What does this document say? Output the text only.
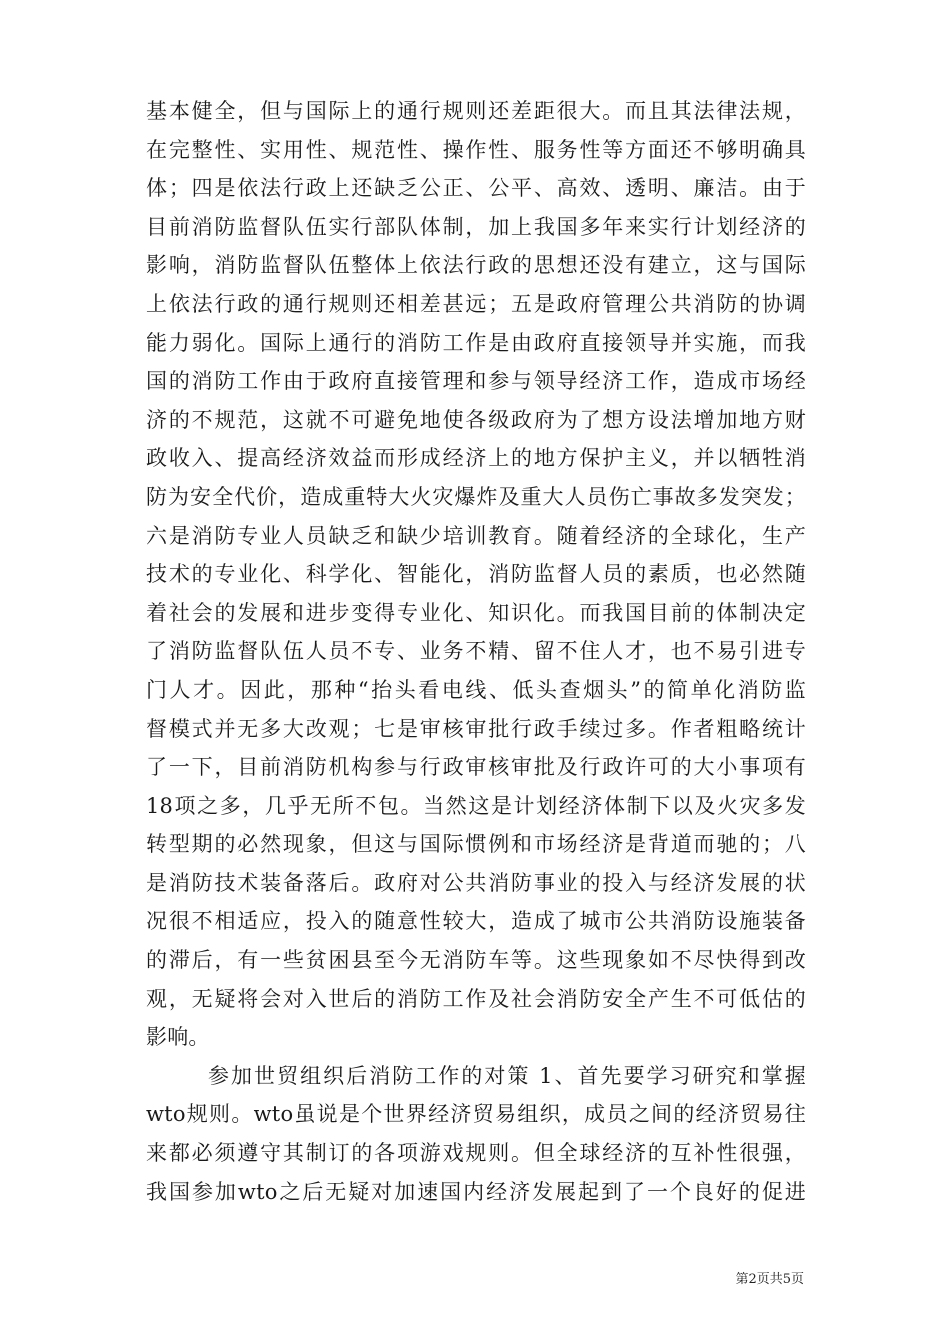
基本健全，但与国际上的通行规则还差距很大。而且其法律法规，
在完整性、实用性、规范性、操作性、服务性等方面还不够明确具
体；四是依法行政上还缺乏公正、公平、高效、透明、廉洁。由于
目前消防监督队伍实行部队体制，加上我国多年来实行计划经济的
影响，消防监督队伍整体上依法行政的思想还没有建立，这与国际
上依法行政的通行规则还相差甚远；五是政府管理公共消防的协调
能力弱化。国际上通行的消防工作是由政府直接领导并实施，而我
国的消防工作由于政府直接管理和参与领导经济工作，造成市场经
济的不规范，这就不可避免地使各级政府为了想方设法增加地方财
政收入、提高经济效益而形成经济上的地方保护主义，并以牺牲消
防为安全代价，造成重特大火灾爆炸及重大人员伤亡事故多发突发；
六是消防专业人员缺乏和缺少培训教育。随着经济的全球化，生产
技术的专业化、科学化、智能化，消防监督人员的素质，也必然随
着社会的发展和进步变得专业化、知识化。而我国目前的体制决定
了消防监督队伍人员不专、业务不精、留不住人才，也不易引进专
门人才。因此，那种“抬头看电线、低头查烟头”的简单化消防监
督模式并无多大改观；七是审核审批行政手续过多。作者粗略统计
了一下，目前消防机构参与行政审核审批及行政许可的大小事项有
18项之多，几乎无所不包。当然这是计划经济体制下以及火灾多发
转型期的必然现象，但这与国际惯例和市场经济是背道而驰的；八
是消防技术装备落后。政府对公共消防事业的投入与经济发展的状
况很不相适应，投入的随意性较大，造成了城市公共消防设施装备
的滞后，有一些贫困县至今无消防车等。这些现象如不尽快得到改
观，无疑将会对入世后的消防工作及社会消防安全产生不可低估的
影响。
参加世贸组织后消防工作的对策 1、首先要学习研究和掌握
wto规则。wto虽说是个世界经济贸易组织，成员之间的经济贸易往
来都必须遵守其制订的各项游戏规则。但全球经济的互补性很强，
我国参加wto之后无疑对加速国内经济发展起到了一个良好的促进
第2页共5页
